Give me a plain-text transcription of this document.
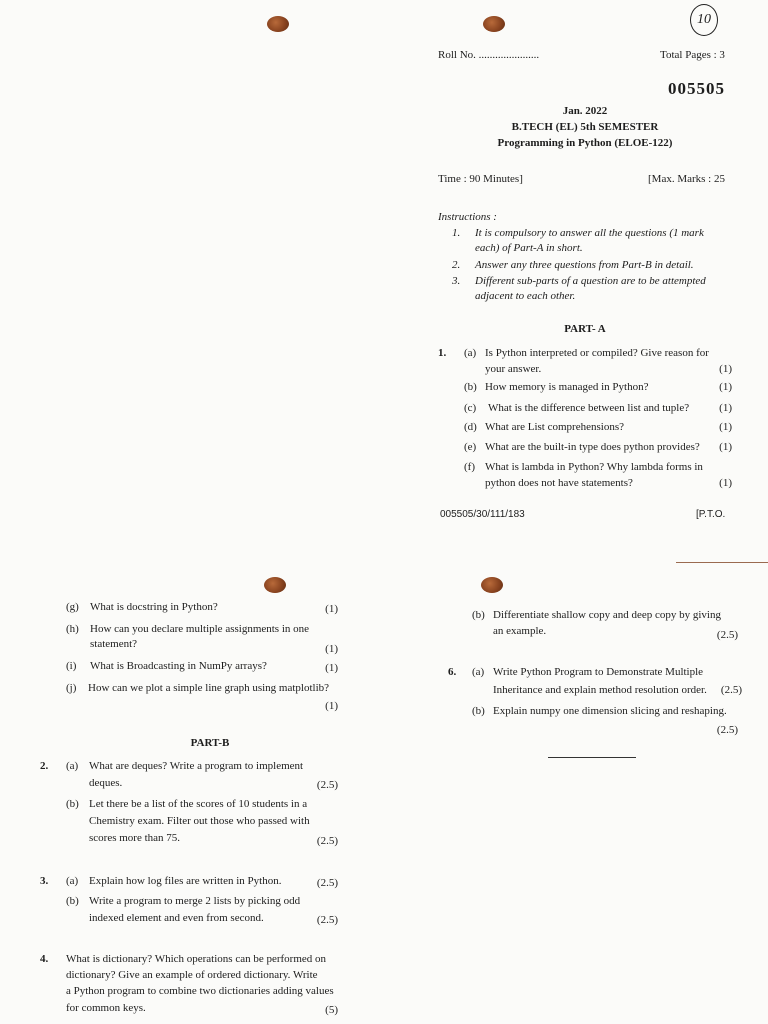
10
Roll No. ......................	Total Pages : 3
005505
Jan. 2022
B.TECH (EL) 5th SEMESTER
Programming in Python (ELOE-122)
Time : 90 Minutes]	[Max. Marks : 25
Instructions :
1. It is compulsory to answer all the questions (1 mark
each) of Part-A in short.
2. Answer any three questions from Part-B in detail.
3. Different sub-parts of a question are to be attempted
adjacent to each other.
PART- A
1. (a) Is Python interpreted or compiled? Give reason for
your answer.	(1)
(b) How memory is managed in Python?	(1)
(c) What is the difference between list and tuple?	(1)
(d) What are List comprehensions?	(1)
(e) What are the built-in type does python provides? (1)
(f) What is lambda in Python? Why lambda forms in
python does not have statements?	(1)
005505/30/111/183	[P.T.O.
(g) What is docstring in Python?	(1)
(h) How can you declare multiple assignments in one
statement?	(1)
(i) What is Broadcasting in NumPy arrays?	(1)
(j) How can we plot a simple line graph using matplotlib?
(1)
PART-B
2. (a) What are deques? Write a program to implement
deques.	(2.5)
(b) Let there be a list of the scores of 10 students in a
Chemistry exam. Filter out those who passed with
scores more than 75.	(2.5)
3. (a) Explain how log files are written in Python.	(2.5)
(b) Write a program to merge 2 lists by picking odd
indexed element and even from second.	(2.5)
4. What is dictionary? Which operations can be performed on
dictionary? Give an example of ordered dictionary. Write
a Python program to combine two dictionaries adding values
for common keys.	(5)
(b) Differentiate shallow copy and deep copy by giving
an example.	(2.5)
6. (a) Write Python Program to Demonstrate Multiple
Inheritance and explain method resolution order. (2.5)
(b) Explain numpy one dimension slicing and reshaping.
(2.5)
